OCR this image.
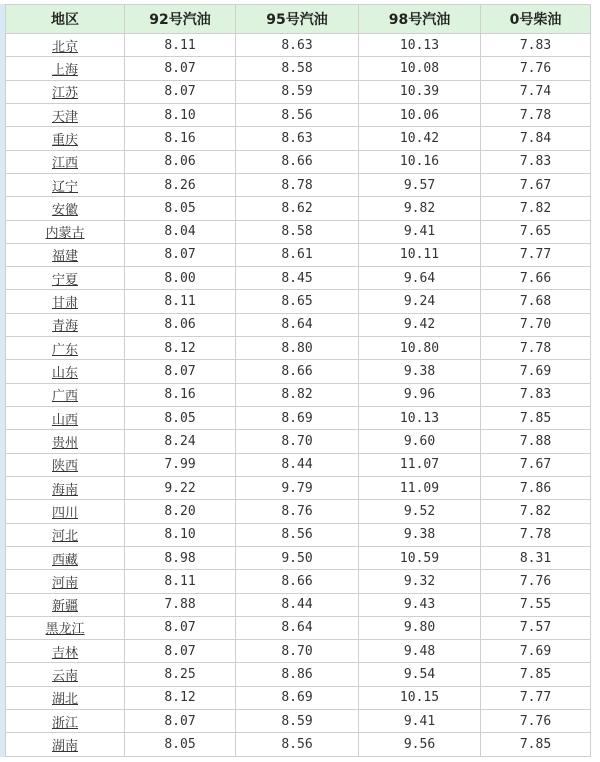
地区	92号汽油	95号汽油	98号汽油	0号柴油
北京	8.11	8.63	10.13	7.83
上海	8.07	8.58	10.08	7.76
江苏	8.07	8.59	10.39	7.74
天津	8.10	8.56	10.06	7.78
重庆	8.16	8.63	10.42	7.84
江西	8.06	8.66	10.16	7.83
辽宁	8.26	8.78	9.57	7.67
安徽	8.05	8.62	9.82	7.82
内蒙古	8.04	8.58	9.41	7.65
福建	8.07	8.61	10.11	7.77
宁夏	8.00	8.45	9.64	7.66
甘肃	8.11	8.65	9.24	7.68
青海	8.06	8.64	9.42	7.70
广东	8.12	8.80	10.80	7.78
山东	8.07	8.66	9.38	7.69
广西	8.16	8.82	9.96	7.83
山西	8.05	8.69	10.13	7.85
贵州	8.24	8.70	9.60	7.88
陕西	7.99	8.44	11.07	7.67
海南	9.22	9.79	11.09	7.86
四川	8.20	8.76	9.52	7.82
河北	8.10	8.56	9.38	7.78
西藏	8.98	9.50	10.59	8.31
河南	8.11	8.66	9.32	7.76
新疆	7.88	8.44	9.43	7.55
黑龙江	8.07	8.64	9.80	7.57
吉林	8.07	8.70	9.48	7.69
云南	8.25	8.86	9.54	7.85
湖北	8.12	8.69	10.15	7.77
浙江	8.07	8.59	9.41	7.76
湖南	8.05	8.56	9.56	7.85
